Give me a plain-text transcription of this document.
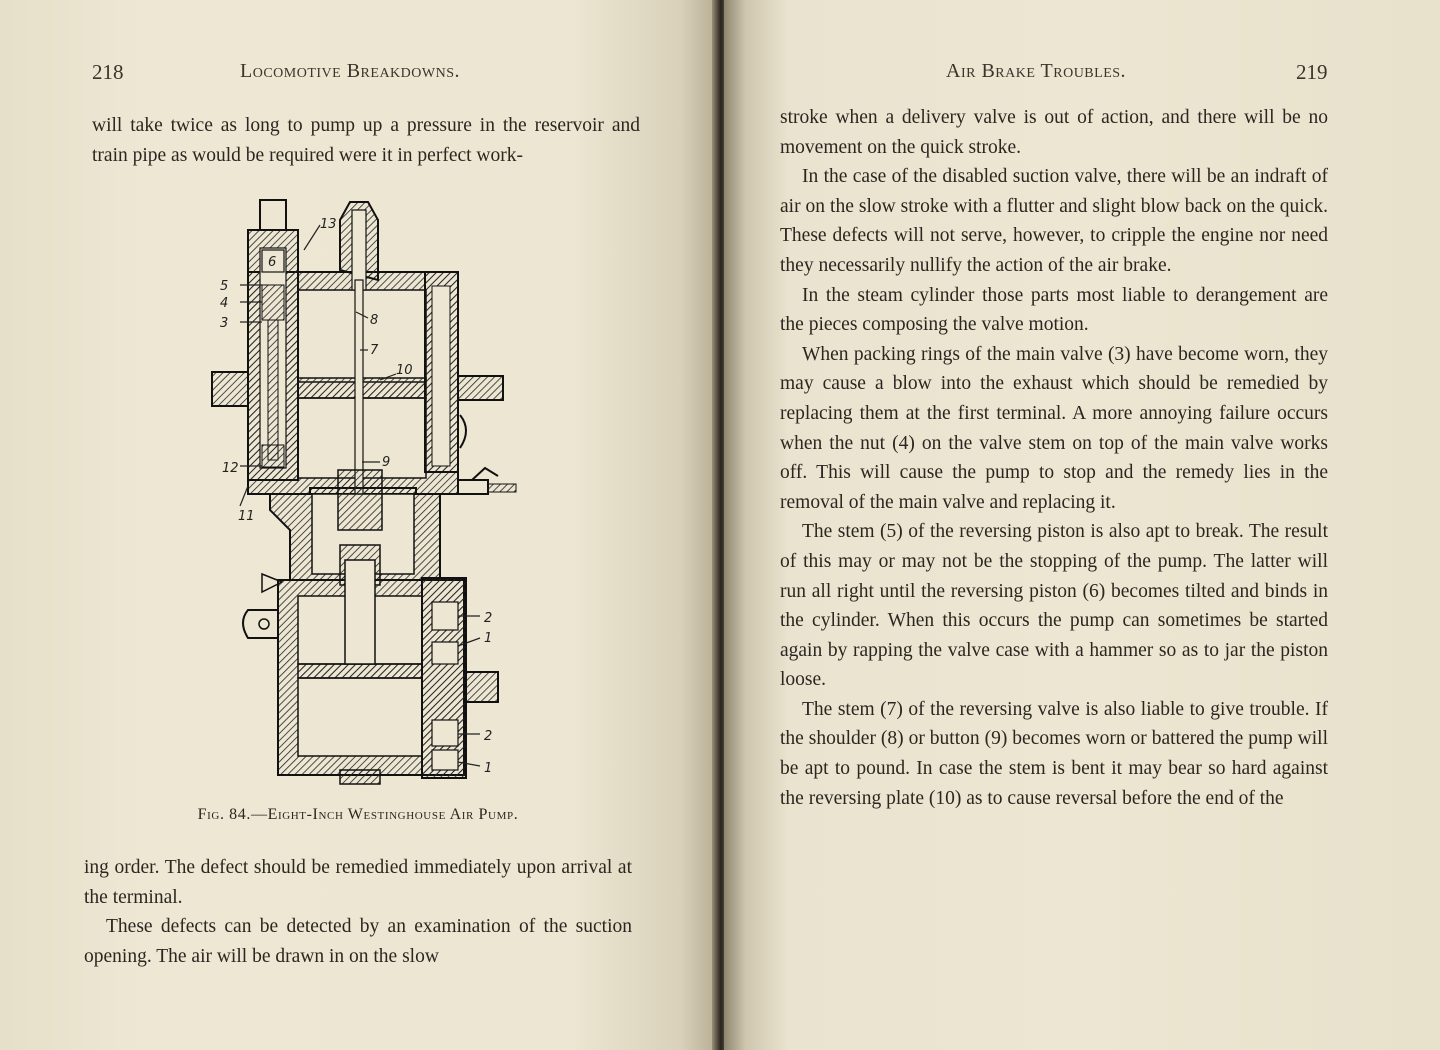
218	Locomotive Breakdowns.

will take twice as long to pump up a pressure in the reservoir and train pipe as would be required were it in perfect work-

13
6
5
4
3	8
7
10
9
12
11
2
1
2
1
Fig. 84.—Eight-Inch Westinghouse Air Pump.

ing order. The defect should be remedied immediately upon arrival at the terminal.

These defects can be detected by an examination of the suction opening. The air will be drawn in on the slow

Air Brake Troubles.	219

stroke when a delivery valve is out of action, and there will be no movement on the quick stroke.

In the case of the disabled suction valve, there will be an indraft of air on the slow stroke with a flutter and slight blow back on the quick. These defects will not serve, however, to cripple the engine nor need they necessarily nullify the action of the air brake.

In the steam cylinder those parts most liable to derangement are the pieces composing the valve motion.

When packing rings of the main valve (3) have become worn, they may cause a blow into the exhaust which should be remedied by replacing them at the first terminal. A more annoying failure occurs when the nut (4) on the valve stem on top of the main valve works off. This will cause the pump to stop and the remedy lies in the removal of the main valve and replacing it.

The stem (5) of the reversing piston is also apt to break. The result of this may or may not be the stopping of the pump. The latter will run all right until the reversing piston (6) becomes tilted and binds in the cylinder. When this occurs the pump can sometimes be started again by rapping the valve case with a hammer so as to jar the piston loose.

The stem (7) of the reversing valve is also liable to give trouble. If the shoulder (8) or button (9) becomes worn or battered the pump will be apt to pound. In case the stem is bent it may bear so hard against the reversing plate (10) as to cause reversal before the end of the
